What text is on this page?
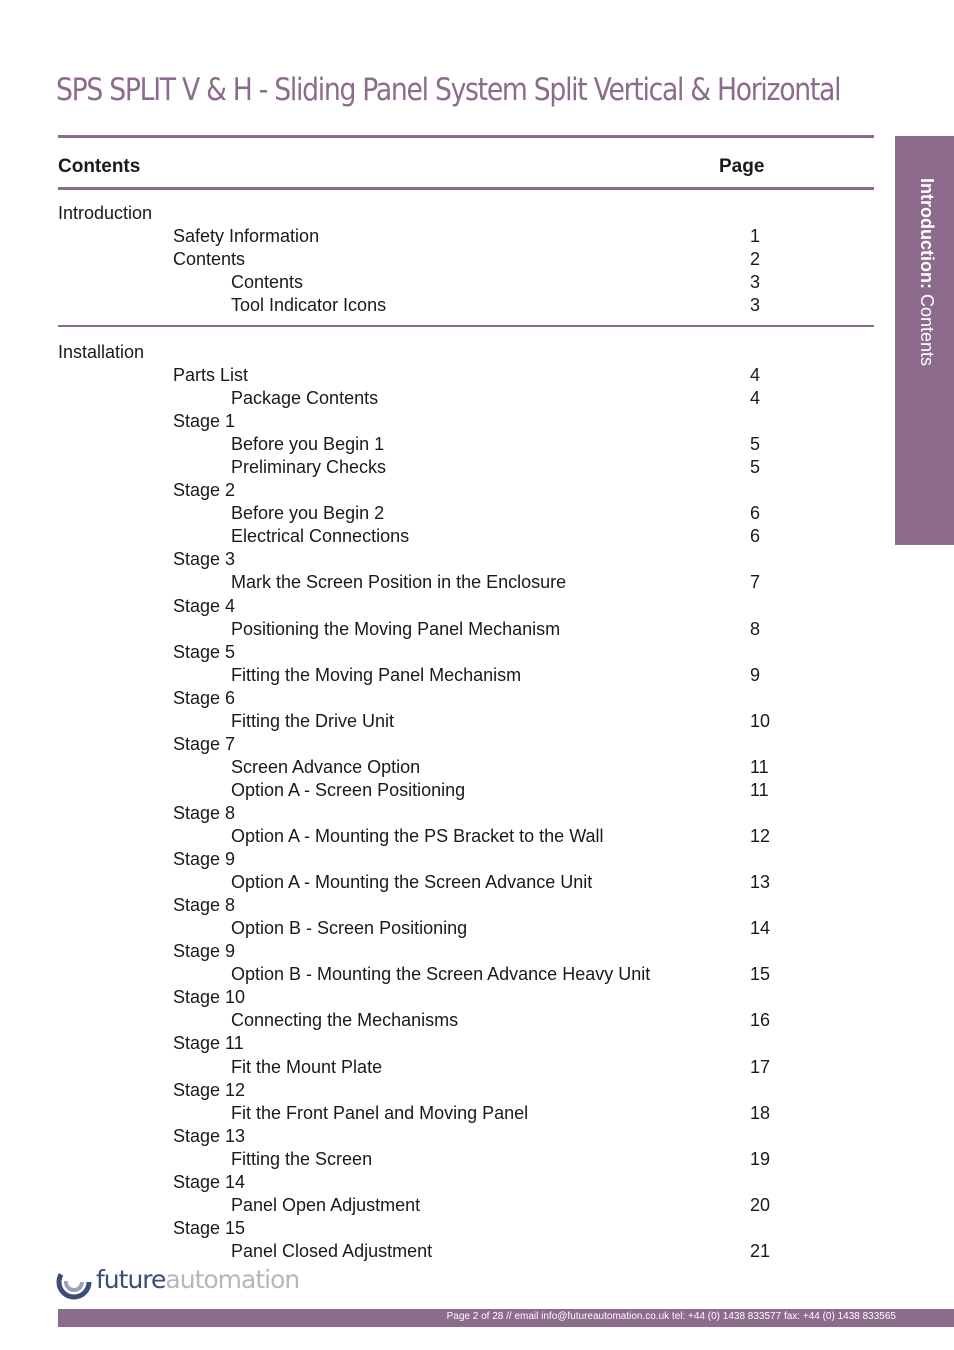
SPS SPLIT V & H - Sliding Panel System Split Vertical & Horizontal
Contents	Page
Introduction: Contents
Introduction
Safety Information	1
Contents	2
Contents	3
Tool Indicator Icons	3
Installation
Parts List	4
Package Contents	4
Stage 1
Before you Begin 1	5
Preliminary Checks	5
Stage 2
Before you Begin 2	6
Electrical Connections	6
Stage 3
Mark the Screen Position in the Enclosure	7
Stage 4
Positioning the Moving Panel Mechanism	8
Stage 5
Fitting the Moving Panel Mechanism	9
Stage 6
Fitting the Drive Unit	10
Stage 7
Screen Advance Option	11
Option A - Screen Positioning	11
Stage 8
Option A - Mounting the PS Bracket to the Wall	12
Stage 9
Option A - Mounting the Screen Advance Unit	13
Stage 8
Option B - Screen Positioning	14
Stage 9
Option B - Mounting the Screen Advance Heavy Unit	15
Stage 10
Connecting the Mechanisms	16
Stage 11
Fit the Mount Plate	17
Stage 12
Fit the Front Panel and Moving Panel	18
Stage 13
Fitting the Screen	19
Stage 14
Panel Open Adjustment	20
Stage 15
Panel Closed Adjustment	21
futureautomation
Page 2 of 28 // email info@futureautomation.co.uk tel: +44 (0) 1438 833577 fax: +44 (0) 1438 833565
